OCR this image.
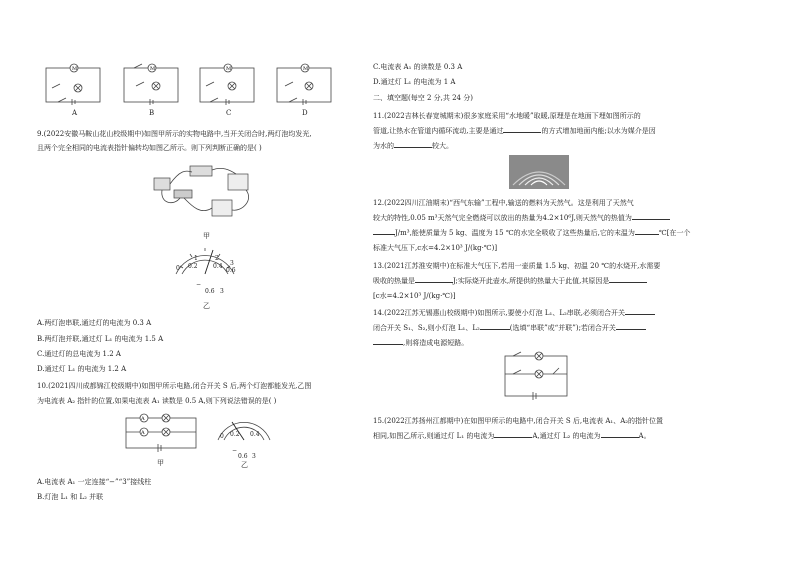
M	M	M	M
A	B	C	D
9.(2022安徽马鞍山花山校级期中)如图甲所示的实物电路中,当开关闭合时,两灯泡均发光,
且两个完全相同的电流表指针偏转均如图乙所示。则下列判断正确的是( )
甲
0 0.2	0.4
1
0.6
2
3
−
0.6 3
乙
A.两灯泡串联,通过灯的电流为 0.3 A
B.两灯泡并联,通过灯 L₁ 的电流为 1.5 A
C.通过灯的总电流为 1.2 A
D.通过灯 L₁ 的电流为 1.2 A
10.(2021四川成都锦江校级期中)如图甲所示电路,闭合开关 S 后,两个灯泡都能发光,乙图
为电流表 A₂ 指针的位置,如果电流表 A₁ 读数是 0.5 A,则下列说法错误的是( )
A
A
甲
0 0.2 0.4
−
0.6 3
乙
A.电流表 A₁ 一定连接“−”“3”接线柱
B.灯泡 L₁ 和 L₂ 并联
C.电流表 A₁ 的读数是 0.3 A
D.通过灯 L₁ 的电流为 1 A
二、填空题(每空 2 分,共 24 分)
11.(2022吉林长春宽城期末)很多家庭采用“水地暖”取暖,原理是在地面下埋如图所示的
管道,让热水在管道内循环流动,主要是通过	的方式增加地面内能;以水为媒介是因
为水的	较大。
12.(2022四川江油期末)“西气东输”工程中,输送的燃料为天然气。这是利用了天然气
较大的特性,0.05 m³天然气完全燃烧可以放出的热量为4.2×10⁶J,则天然气的热值为
J/m³,能使质量为 5 kg、温度为 15 ℃的水完全吸收了这些热量后,它的末温为	℃[在一个
标准大气压下,c水=4.2×10³ J/(kg·℃)]
13.(2021江苏淮安期中)在标准大气压下,若用一壶质量 1.5 kg、初温 20 ℃的水烧开,水需要
吸收的热量是	J;实际烧开此壶水,所提供的热量大于此值,其原因是
[c水=4.2×10³ J/(kg·℃)]
14.(2022江苏无锡惠山校级期中)如图所示,要使小灯泡 L₁、L₂串联,必须闭合开关
闭合开关 S₁、S₂,则小灯泡 L₁、L₂	(选填“串联”或“并联”);若闭合开关
,则将造成电源短路。
15.(2022江苏扬州江都期中)在如图甲所示的电路中,闭合开关 S 后,电流表 A₁、A₂的指针位置
相同,如图乙所示,则通过灯 L₁ 的电流为	A,通过灯 L₂ 的电流为	A。
